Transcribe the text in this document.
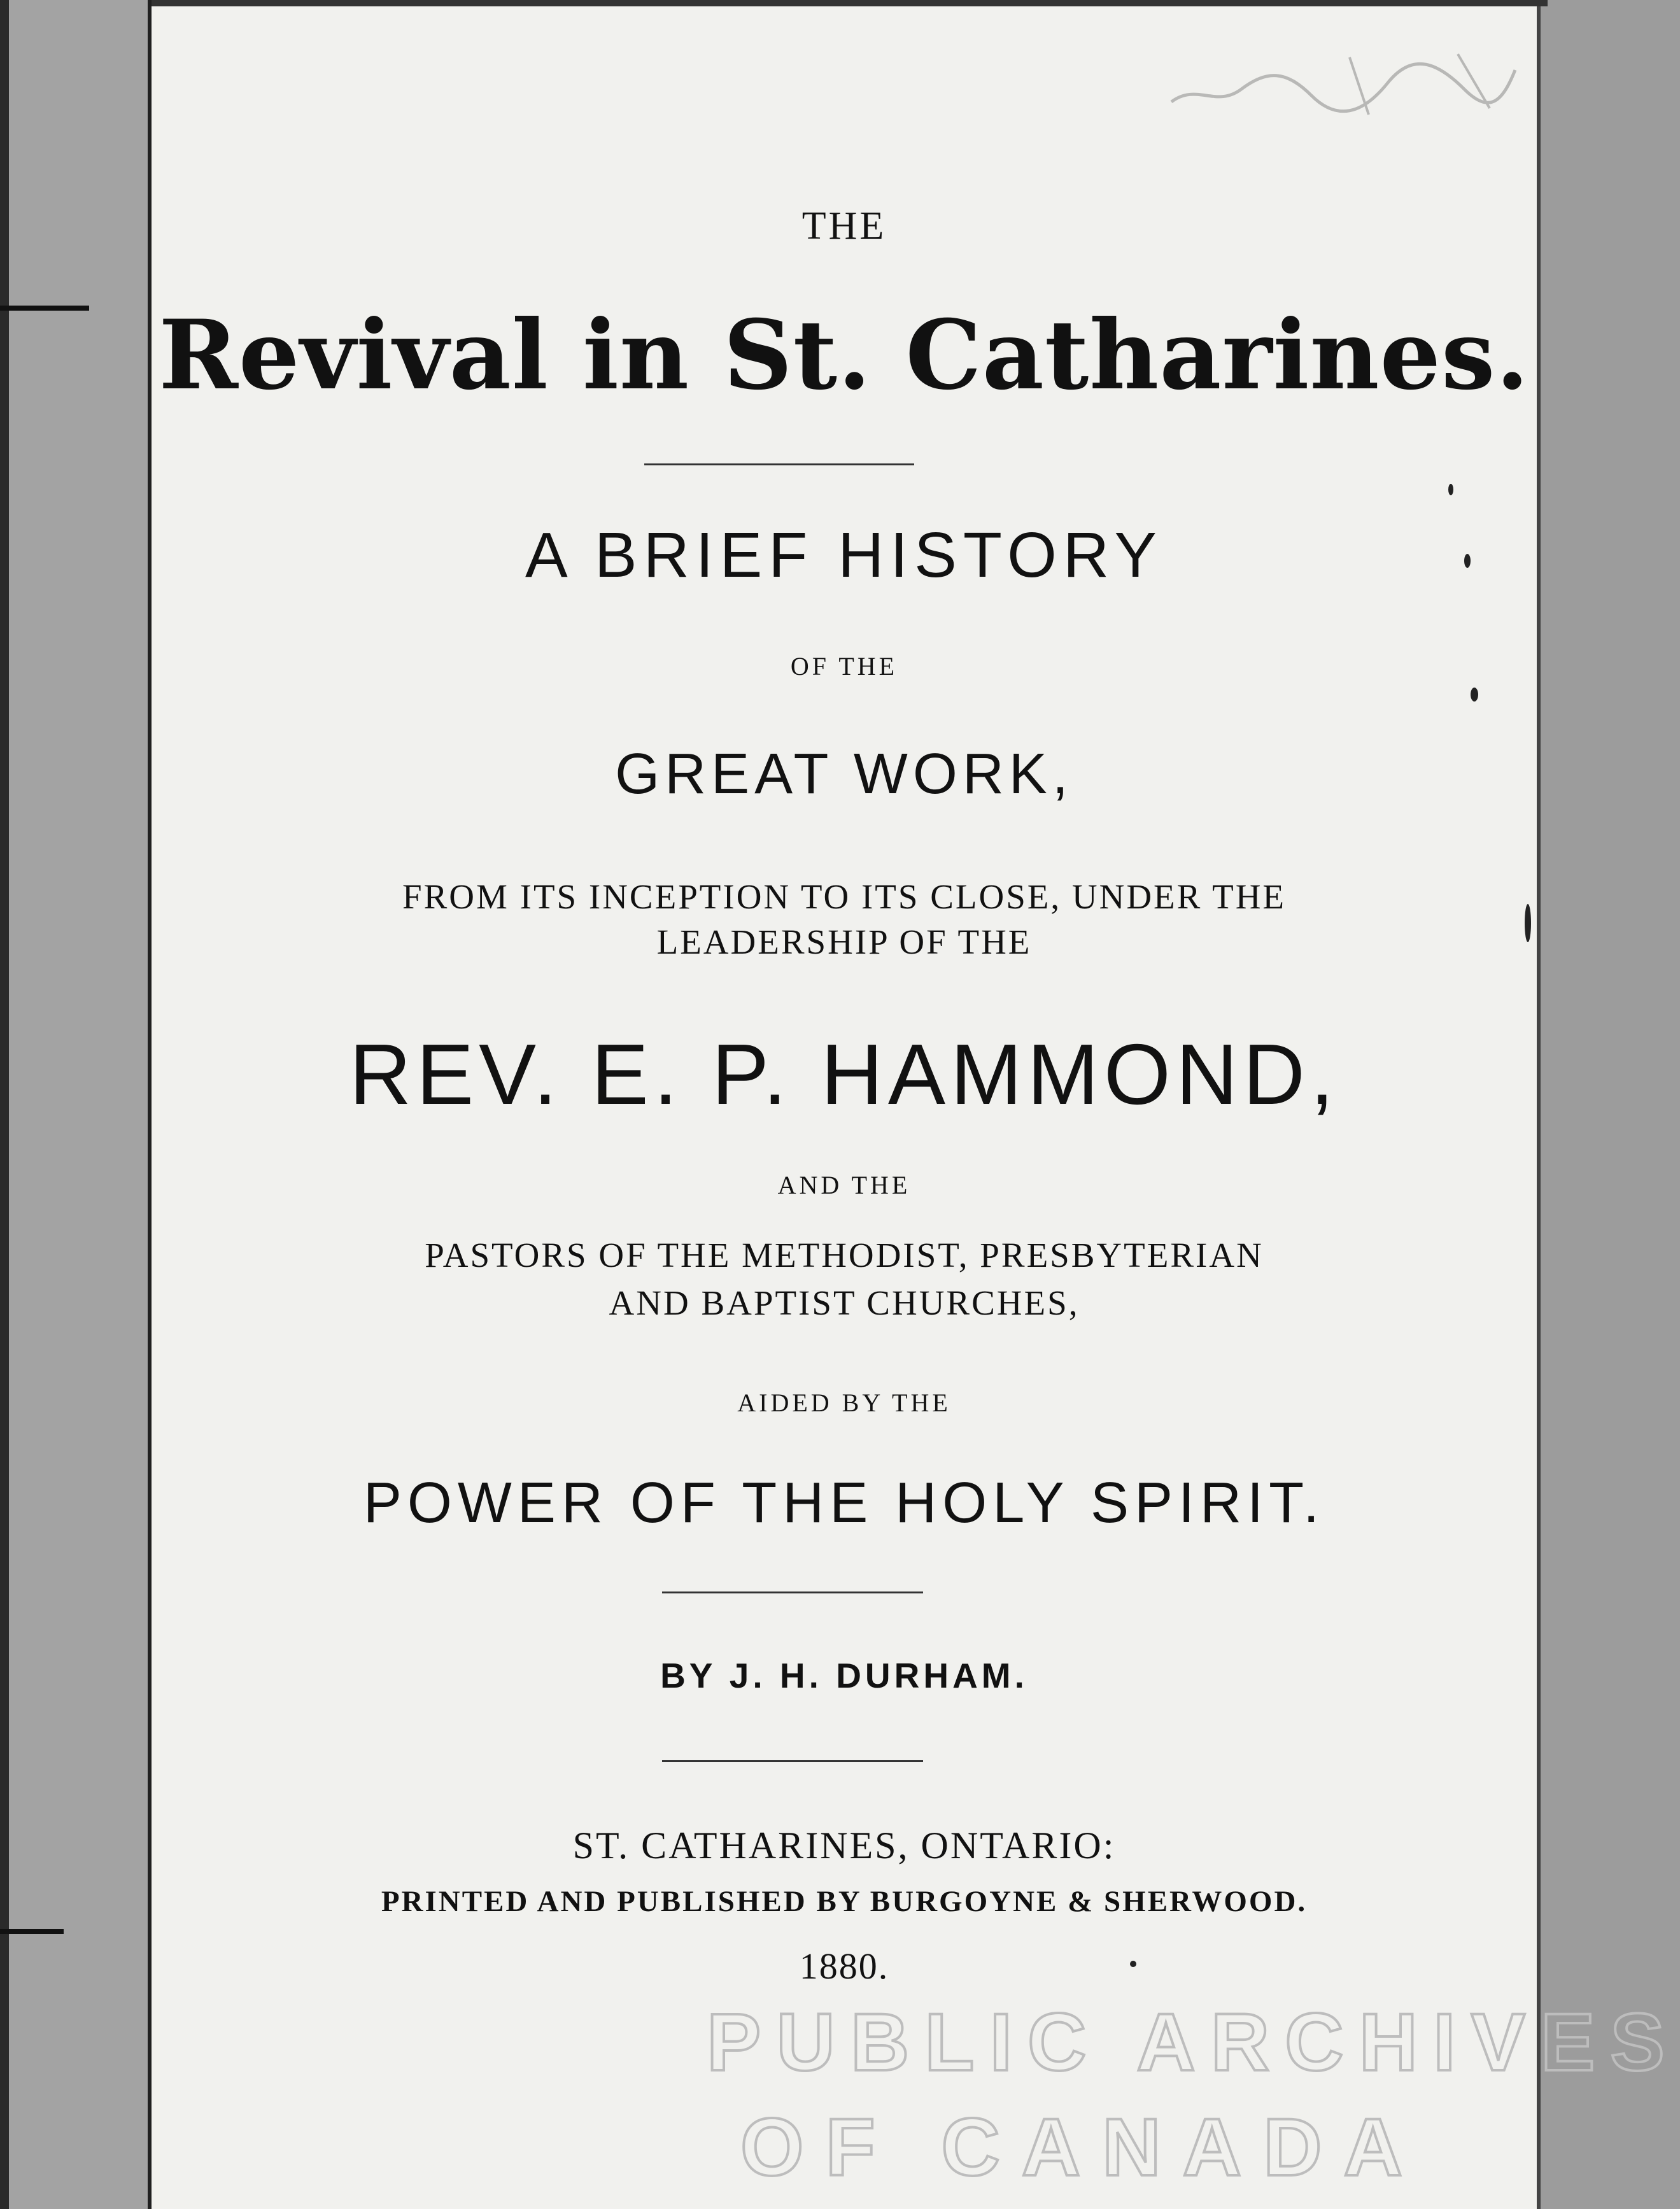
THE

Revival in St. Catharines.

A BRIEF HISTORY

OF THE

GREAT WORK,

FROM ITS INCEPTION TO ITS CLOSE, UNDER THE

LEADERSHIP OF THE

REV. E. P. HAMMOND,

AND THE

PASTORS OF THE METHODIST, PRESBYTERIAN

AND BAPTIST CHURCHES,

AIDED BY THE

POWER OF THE HOLY SPIRIT.

BY J. H. DURHAM.

ST. CATHARINES, ONTARIO:

PRINTED AND PUBLISHED BY BURGOYNE & SHERWOOD.

1880.

PUBLIC ARCHIVES
OF CANADA
